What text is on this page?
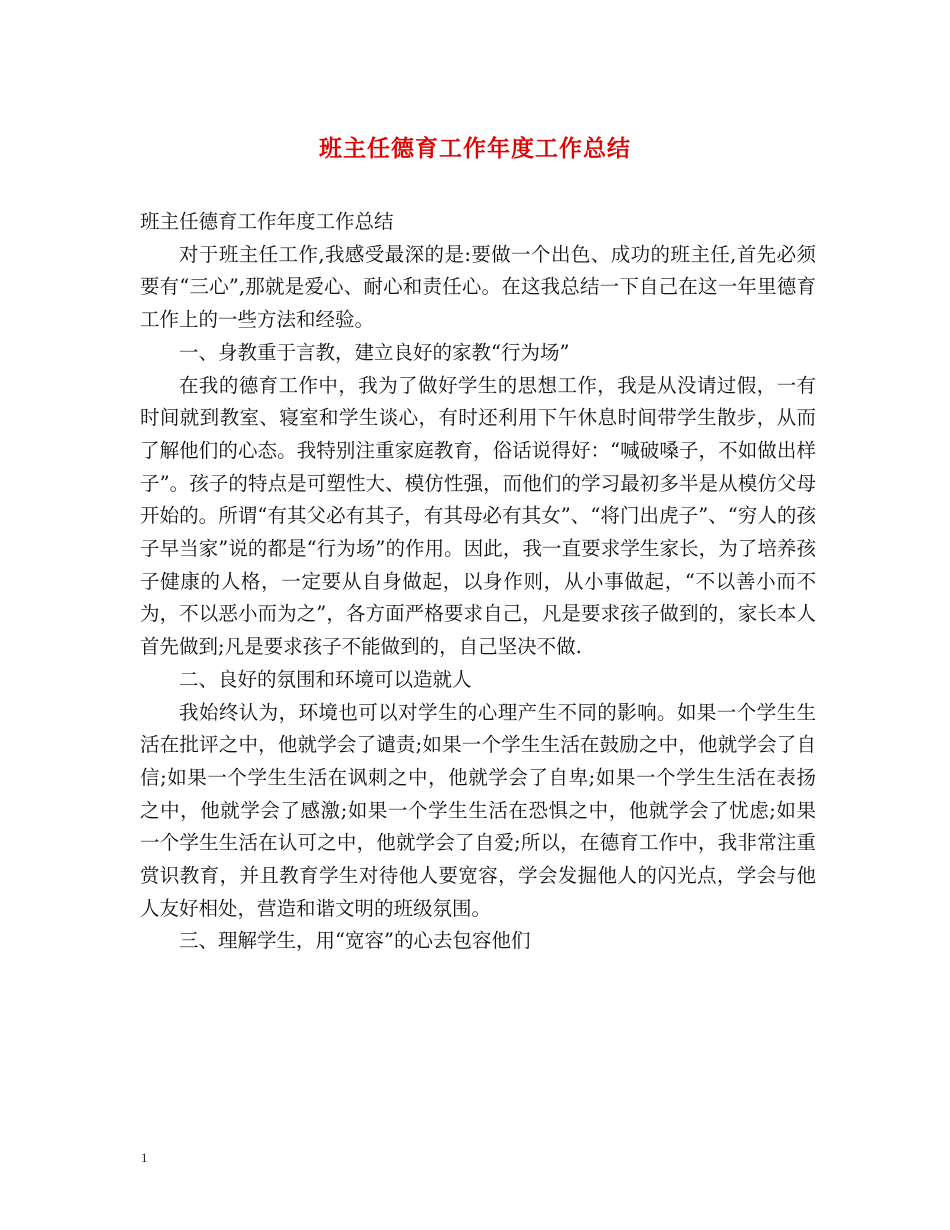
班主任德育工作年度工作总结

班主任德育工作年度工作总结

对于班主任工作,我感受最深的是:要做一个出色、成功的班主任,首先必须要有“三心”,那就是爱心、耐心和责任心。在这我总结一下自己在这一年里德育工作上的一些方法和经验。

一、身教重于言教，建立良好的家教“行为场”

在我的德育工作中，我为了做好学生的思想工作，我是从没请过假，一有时间就到教室、寝室和学生谈心，有时还利用下午休息时间带学生散步，从而了解他们的心态。我特别注重家庭教育，俗话说得好：“喊破嗓子，不如做出样子”。孩子的特点是可塑性大、模仿性强，而他们的学习最初多半是从模仿父母开始的。所谓“有其父必有其子，有其母必有其女”、“将门出虎子”、“穷人的孩子早当家”说的都是“行为场”的作用。因此，我一直要求学生家长，为了培养孩子健康的人格，一定要从自身做起，以身作则，从小事做起，“不以善小而不为，不以恶小而为之”，各方面严格要求自己，凡是要求孩子做到的，家长本人首先做到;凡是要求孩子不能做到的，自己坚决不做.

二、良好的氛围和环境可以造就人

我始终认为，环境也可以对学生的心理产生不同的影响。如果一个学生生活在批评之中，他就学会了谴责;如果一个学生生活在鼓励之中，他就学会了自信;如果一个学生生活在讽刺之中，他就学会了自卑;如果一个学生生活在表扬之中，他就学会了感激;如果一个学生生活在恐惧之中，他就学会了忧虑;如果一个学生生活在认可之中，他就学会了自爱;所以，在德育工作中，我非常注重赏识教育，并且教育学生对待他人要宽容，学会发掘他人的闪光点，学会与他人友好相处，营造和谐文明的班级氛围。

三、理解学生，用“宽容”的心去包容他们

1
